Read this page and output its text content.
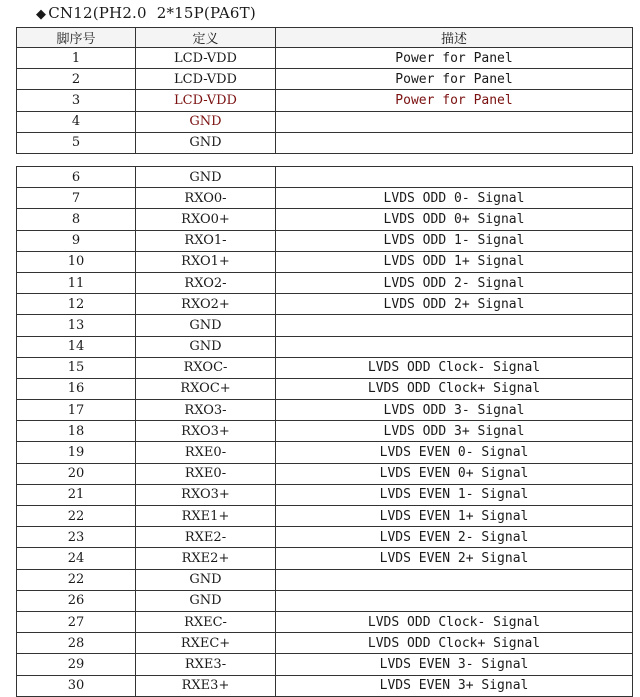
◆ CN12(PH2.0  2*15P(PA6T)
脚序号	定义	描述
1	LCD-VDD	Power for Panel
2	LCD-VDD	Power for Panel
3	LCD-VDD	Power for Panel
4	GND	
5	GND	
6	GND	
7	RXO0-	LVDS ODD 0- Signal
8	RXO0+	LVDS ODD 0+ Signal
9	RXO1-	LVDS ODD 1- Signal
10	RXO1+	LVDS ODD 1+ Signal
11	RXO2-	LVDS ODD 2- Signal
12	RXO2+	LVDS ODD 2+ Signal
13	GND	
14	GND	
15	RXOC-	LVDS ODD Clock- Signal
16	RXOC+	LVDS ODD Clock+ Signal
17	RXO3-	LVDS ODD 3- Signal
18	RXO3+	LVDS ODD 3+ Signal
19	RXE0-	LVDS EVEN 0- Signal
20	RXE0-	LVDS EVEN 0+ Signal
21	RXO3+	LVDS EVEN 1- Signal
22	RXE1+	LVDS EVEN 1+ Signal
23	RXE2-	LVDS EVEN 2- Signal
24	RXE2+	LVDS EVEN 2+ Signal
22	GND	
26	GND	
27	RXEC-	LVDS ODD Clock- Signal
28	RXEC+	LVDS ODD Clock+ Signal
29	RXE3-	LVDS EVEN 3- Signal
30	RXE3+	LVDS EVEN 3+ Signal
